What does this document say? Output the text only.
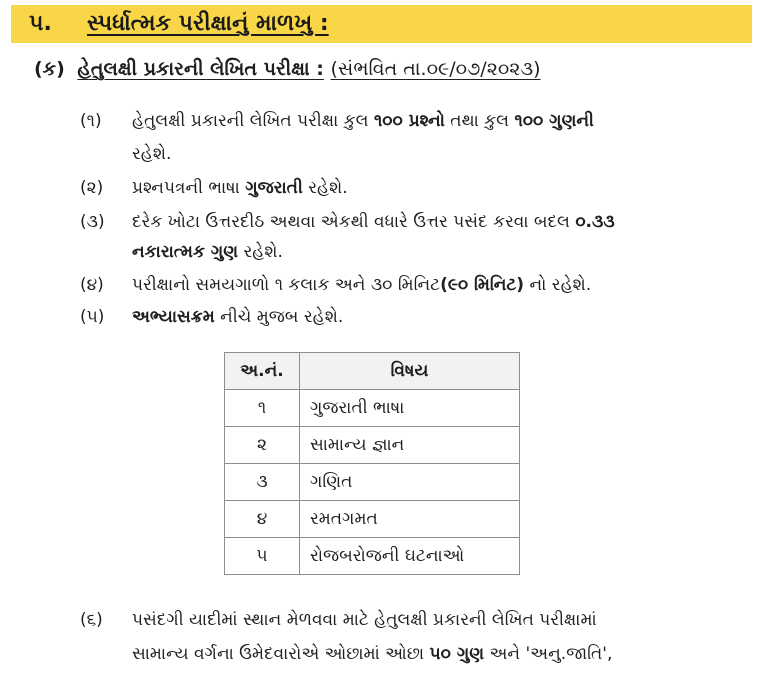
૫. સ્પર્ધાત્મક પરીક્ષાનું માળખુ :
(ક) હેતુલક્ષી પ્રકારની લેખિત પરીક્ષા : (સંભવિત તા.૦૯/૦૭/૨૦૨૩)
(૧) હેતુલક્ષી પ્રકારની લેખિત પરીક્ષા કુલ ૧૦૦ પ્રશ્નો તથા કુલ ૧૦૦ ગુણની
રહેશે.
(૨) પ્રશ્નપત્રની ભાષા ગુજરાતી રહેશે.
(૩) દરેક ખોટા ઉત્તરદીઠ અથવા એકથી વધારે ઉત્તર પસંદ કરવા બદલ ૦.૩૩
નકારાત્મક ગુણ રહેશે.
(૪) પરીક્ષાનો સમયગાળો ૧ કલાક અને ૩૦ મિનિટ(૯૦ મિનિટ) નો રહેશે.
(૫) અભ્યાસક્રમ નીચે મુજબ રહેશે.
અ.નં.	વિષય
૧	ગુજરાતી ભાષા
૨	સામાન્ય જ્ઞાન
૩	ગણિત
૪	રમતગમત
૫	રોજબરોજની ઘટનાઓ
(૬) પસંદગી યાદીમાં સ્થાન મેળવવા માટે હેતુલક્ષી પ્રકારની લેખિત પરીક્ષામાં
સામાન્ય વર્ગના ઉમેદવારોએ ઓછામાં ઓછા ૫૦ ગુણ અને 'અનુ.જાતિ',
